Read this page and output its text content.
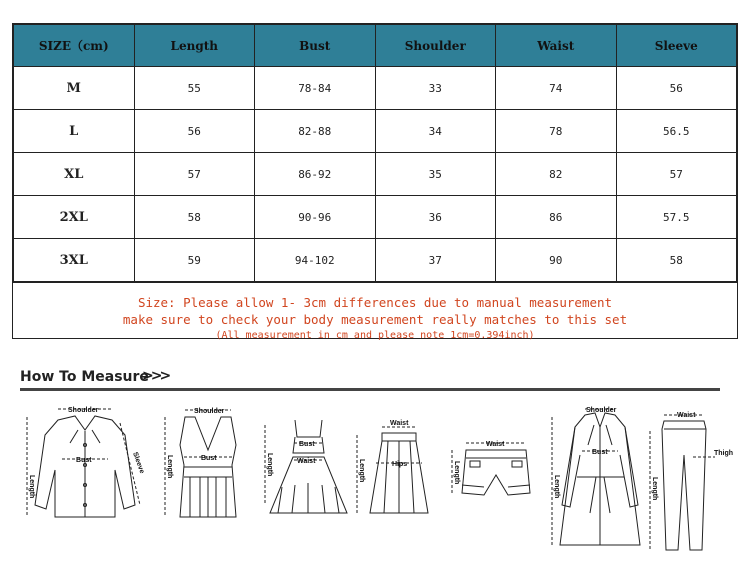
SIZE（cm)	Length	Bust	Shoulder	Waist	Sleeve
M	55	78-84	33	74	56
L	56	82-88	34	78	56.5
XL	57	86-92	35	82	57
2XL	58	90-96	36	86	57.5
3XL	59	94-102	37	90	58
Size: Please allow 1- 3cm differences due to manual measurement
make sure to check your body measurement really matches to this set
(All measurement in cm and please note 1cm=0.394inch)
How To Measure
>>>
Shoulder
Bust
Length
Sleeve
Shoulder
Bust
Length
Bust
Waist
Length
Waist
Hips
Length
Waist
Length
Shoulder
Bust
Length
Waist
Thigh
Length
